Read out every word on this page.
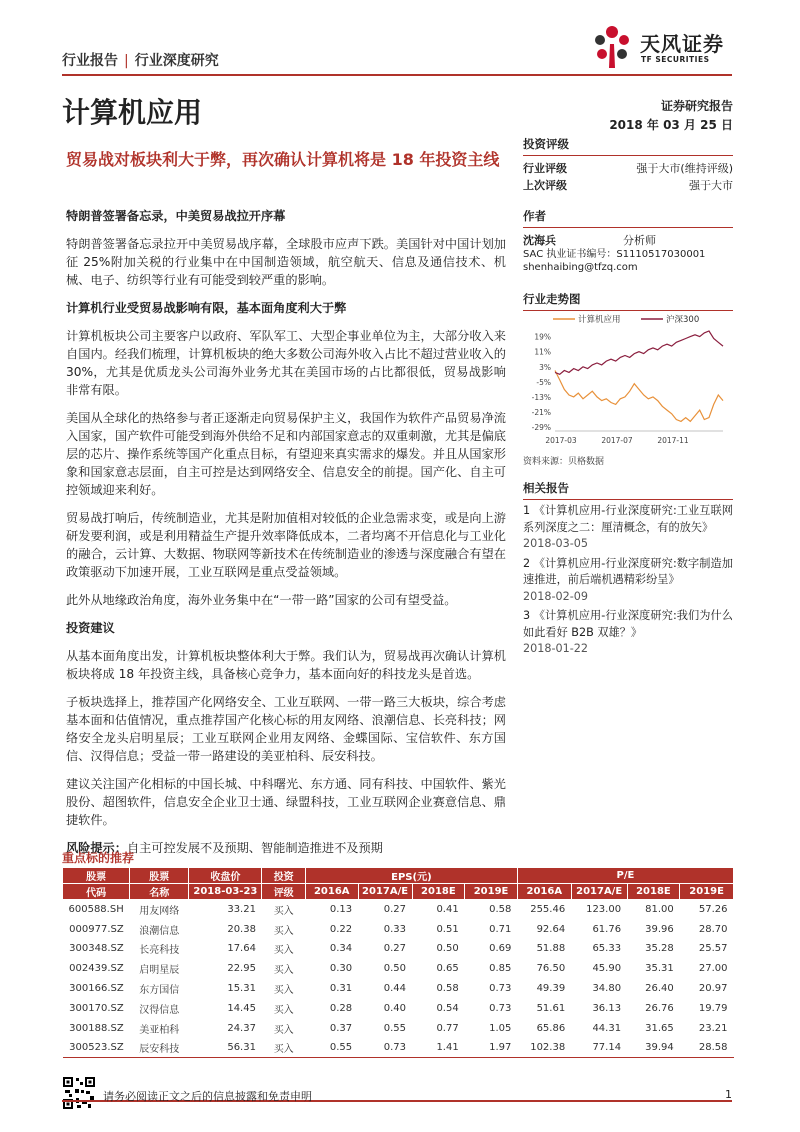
行业报告 | 行业深度研究
天风证券
TF SECURITIES
计算机应用
贸易战对板块利大于弊，再次确认计算机将是 18 年投资主线
特朗普签署备忘录，中美贸易战拉开序幕

特朗普签署备忘录拉开中美贸易战序幕，全球股市应声下跌。美国针对中国计划加征 25%附加关税的行业集中在中国制造领域，航空航天、信息及通信技术、机械、电子、纺织等行业有可能受到较严重的影响。

计算机行业受贸易战影响有限，基本面角度利大于弊

计算机板块公司主要客户以政府、军队军工、大型企事业单位为主，大部分收入来自国内。经我们梳理，计算机板块的绝大多数公司海外收入占比不超过营业收入的 30%，尤其是优质龙头公司海外业务尤其在美国市场的占比都很低，贸易战影响非常有限。

美国从全球化的热络参与者正逐渐走向贸易保护主义，我国作为软件产品贸易净流入国家，国产软件可能受到海外供给不足和内部国家意志的双重刺激，尤其是偏底层的芯片、操作系统等国产化重点目标，有望迎来真实需求的爆发。并且从国家形象和国家意志层面，自主可控是达到网络安全、信息安全的前提。国产化、自主可控领域迎来利好。

贸易战打响后，传统制造业，尤其是附加值相对较低的企业急需求变，或是向上游研发要利润，或是利用精益生产提升效率降低成本，二者均离不开信息化与工业化的融合，云计算、大数据、物联网等新技术在传统制造业的渗透与深度融合有望在政策驱动下加速开展，工业互联网是重点受益领域。

此外从地缘政治角度，海外业务集中在“一带一路”国家的公司有望受益。

投资建议

从基本面角度出发，计算机板块整体利大于弊。我们认为，贸易战再次确认计算机板块将成 18 年投资主线，具备核心竞争力，基本面向好的科技龙头是首选。

子板块选择上，推荐国产化网络安全、工业互联网、一带一路三大板块，综合考虑基本面和估值情况，重点推荐国产化核心标的用友网络、浪潮信息、长亮科技；网络安全龙头启明星辰；工业互联网企业用友网络、金蝶国际、宝信软件、东方国信、汉得信息；受益一带一路建设的美亚柏科、辰安科技。

建议关注国产化相标的中国长城、中科曙光、东方通、同有科技、中国软件、紫光股份、超图软件，信息安全企业卫士通、绿盟科技，工业互联网企业赛意信息、鼎捷软件。

风险提示：自主可控发展不及预期、智能制造推进不及预期

证券研究报告
2018 年 03 月 25 日
投资评级
行业评级	强于大市(维持评级)
上次评级	强于大市
作者
沈海兵	分析师
SAC 执业证书编号：S1110517030001
shenhaibing@tfzq.com
行业走势图
计算机应用	沪深300
19%
11%
3%
-5%
-13%
-21%
-29%
2017-03	2017-07	2017-11
资料来源：贝格数据
相关报告
1 《计算机应用-行业深度研究:工业互联网系列深度之二：厘清概念，有的放矢》
2018-03-05
2 《计算机应用-行业深度研究:数字制造加速推进，前后端机遇精彩纷呈》
2018-02-09
3 《计算机应用-行业深度研究:我们为什么如此看好 B2B 双雄？》
2018-01-22
重点标的推荐
股票	股票	收盘价	投资	EPS(元)				P/E			
代码	名称	2018-03-23	评级	2016A	2017A/E	2018E	2019E	2016A	2017A/E	2018E	2019E
600588.SH	用友网络	33.21	买入	0.13	0.27	0.41	0.58	255.46	123.00	81.00	57.26
000977.SZ	浪潮信息	20.38	买入	0.22	0.33	0.51	0.71	92.64	61.76	39.96	28.70
300348.SZ	长亮科技	17.64	买入	0.34	0.27	0.50	0.69	51.88	65.33	35.28	25.57
002439.SZ	启明星辰	22.95	买入	0.30	0.50	0.65	0.85	76.50	45.90	35.31	27.00
300166.SZ	东方国信	15.31	买入	0.31	0.44	0.58	0.73	49.39	34.80	26.40	20.97
300170.SZ	汉得信息	14.45	买入	0.28	0.40	0.54	0.73	51.61	36.13	26.76	19.79
300188.SZ	美亚柏科	24.37	买入	0.37	0.55	0.77	1.05	65.86	44.31	31.65	23.21
300523.SZ	辰安科技	56.31	买入	0.55	0.73	1.41	1.97	102.38	77.14	39.94	28.58
请务必阅读正文之后的信息披露和免责申明	1
